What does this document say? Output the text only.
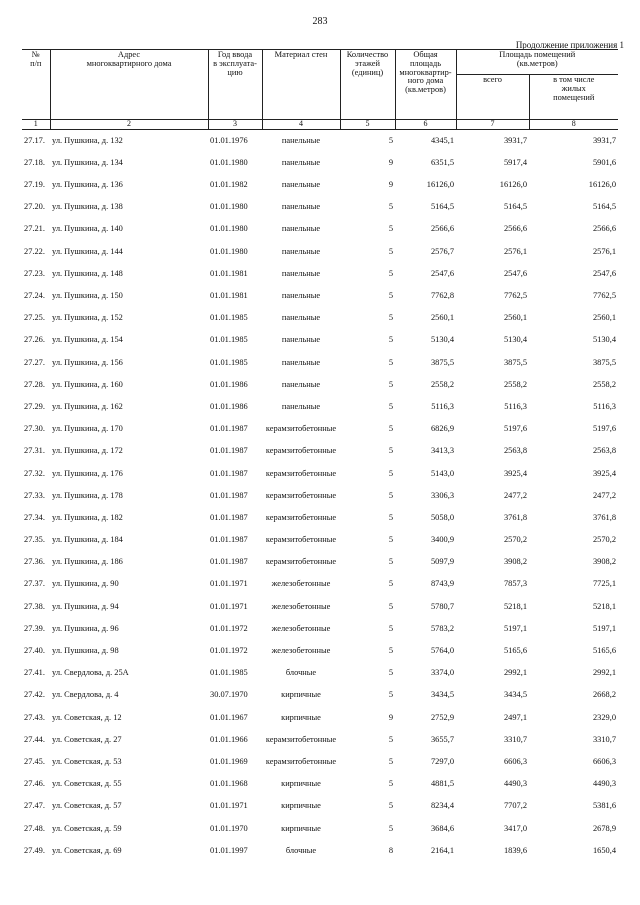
283
Продолжение приложения 1
№
п/п	Адрес
многоквартирного дома	Год ввода
в эксплуата-
цию	Материал стен	Количество
этажей
(единиц)	Общая площадь
многоквартир-
ного дома
(кв.метров)	Площадь помещений
(кв.метров)	
						всего	в том числе
жилых
помещений
1	2	3	4	5	6	7	8
27.17.	ул. Пушкина, д. 132	01.01.1976	панельные	5	4345,1	3931,7	3931,7
27.18.	ул. Пушкина, д. 134	01.01.1980	панельные	9	6351,5	5917,4	5901,6
27.19.	ул. Пушкина, д. 136	01.01.1982	панельные	9	16126,0	16126,0	16126,0
27.20.	ул. Пушкина, д. 138	01.01.1980	панельные	5	5164,5	5164,5	5164,5
27.21.	ул. Пушкина, д. 140	01.01.1980	панельные	5	2566,6	2566,6	2566,6
27.22.	ул. Пушкина, д. 144	01.01.1980	панельные	5	2576,7	2576,1	2576,1
27.23.	ул. Пушкина, д. 148	01.01.1981	панельные	5	2547,6	2547,6	2547,6
27.24.	ул. Пушкина, д. 150	01.01.1981	панельные	5	7762,8	7762,5	7762,5
27.25.	ул. Пушкина, д. 152	01.01.1985	панельные	5	2560,1	2560,1	2560,1
27.26.	ул. Пушкина, д. 154	01.01.1985	панельные	5	5130,4	5130,4	5130,4
27.27.	ул. Пушкина, д. 156	01.01.1985	панельные	5	3875,5	3875,5	3875,5
27.28.	ул. Пушкина, д. 160	01.01.1986	панельные	5	2558,2	2558,2	2558,2
27.29.	ул. Пушкина, д. 162	01.01.1986	панельные	5	5116,3	5116,3	5116,3
27.30.	ул. Пушкина, д. 170	01.01.1987	керамзитобетонные	5	6826,9	5197,6	5197,6
27.31.	ул. Пушкина, д. 172	01.01.1987	керамзитобетонные	5	3413,3	2563,8	2563,8
27.32.	ул. Пушкина, д. 176	01.01.1987	керамзитобетонные	5	5143,0	3925,4	3925,4
27.33.	ул. Пушкина, д. 178	01.01.1987	керамзитобетонные	5	3306,3	2477,2	2477,2
27.34.	ул. Пушкина, д. 182	01.01.1987	керамзитобетонные	5	5058,0	3761,8	3761,8
27.35.	ул. Пушкина, д. 184	01.01.1987	керамзитобетонные	5	3400,9	2570,2	2570,2
27.36.	ул. Пушкина, д. 186	01.01.1987	керамзитобетонные	5	5097,9	3908,2	3908,2
27.37.	ул. Пушкина, д. 90	01.01.1971	железобетонные	5	8743,9	7857,3	7725,1
27.38.	ул. Пушкина, д. 94	01.01.1971	железобетонные	5	5780,7	5218,1	5218,1
27.39.	ул. Пушкина, д. 96	01.01.1972	железобетонные	5	5783,2	5197,1	5197,1
27.40.	ул. Пушкина, д. 98	01.01.1972	железобетонные	5	5764,0	5165,6	5165,6
27.41.	ул. Свердлова, д. 25А	01.01.1985	блочные	5	3374,0	2992,1	2992,1
27.42.	ул. Свердлова, д. 4	30.07.1970	кирпичные	5	3434,5	3434,5	2668,2
27.43.	ул. Советская, д. 12	01.01.1967	кирпичные	9	2752,9	2497,1	2329,0
27.44.	ул. Советская, д. 27	01.01.1966	керамзитобетонные	5	3655,7	3310,7	3310,7
27.45.	ул. Советская, д. 53	01.01.1969	керамзитобетонные	5	7297,0	6606,3	6606,3
27.46.	ул. Советская, д. 55	01.01.1968	кирпичные	5	4881,5	4490,3	4490,3
27.47.	ул. Советская, д. 57	01.01.1971	кирпичные	5	8234,4	7707,2	5381,6
27.48.	ул. Советская, д. 59	01.01.1970	кирпичные	5	3684,6	3417,0	2678,9
27.49.	ул. Советская, д. 69	01.01.1997	блочные	8	2164,1	1839,6	1650,4
